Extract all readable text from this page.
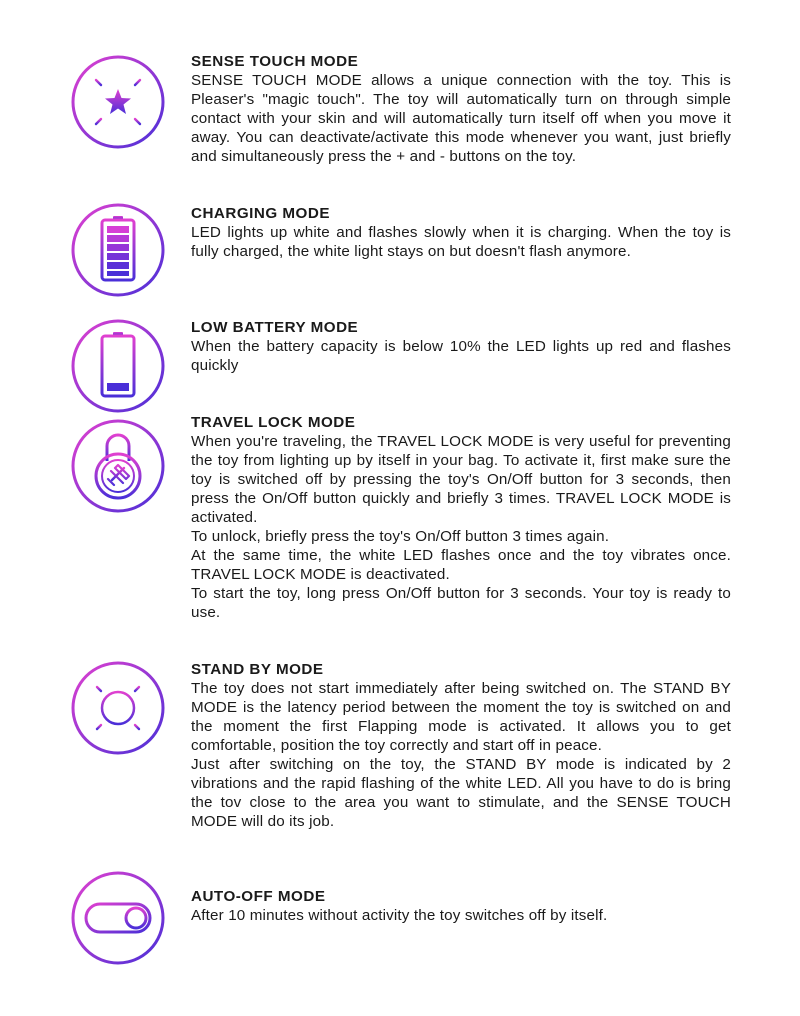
SENSE TOUCH MODE

SENSE TOUCH MODE allows a unique connection with the toy. This is Pleaser's "magic touch". The toy will automatically turn on through simple contact with your skin and will automatically turn itself off when you move it away. You can deactivate/activate this mode whenever you want, just briefly and simultaneously press the + and - buttons on the toy.

CHARGING MODE

LED lights up white and flashes slowly when it is charging. When the toy is fully charged, the white light stays on but doesn't flash anymore.

LOW BATTERY MODE

When the battery capacity is below 10% the LED lights up red and flashes quickly

TRAVEL LOCK MODE

When you're traveling, the TRAVEL LOCK MODE is very useful for preventing the toy from lighting up by itself in your bag. To activate it, first make sure the toy is switched off by pressing the toy's On/Off button for 3 seconds, then press the On/Off button quickly and briefly 3 times. TRAVEL LOCK MODE is activated.

To unlock, briefly press the toy's On/Off button 3 times again.

At the same time, the white LED flashes once and the toy vibrates once. TRAVEL LOCK MODE is deactivated.

To start the toy, long press On/Off button for 3 seconds. Your toy is ready to use.

STAND BY MODE

The toy does not start immediately after being switched on. The STAND BY MODE is the latency period between the moment the toy is switched on and the moment the first Flapping mode is activated. It allows you to get comfortable, position the toy correctly and start off in peace.

Just after switching on the toy, the STAND BY mode is indicated by 2 vibrations and the rapid flashing of the white LED. All you have to do is bring the tov close to the area you want to stimulate, and the SENSE TOUCH MODE will do its job.

AUTO-OFF MODE

After 10 minutes without activity the toy switches off by itself.
